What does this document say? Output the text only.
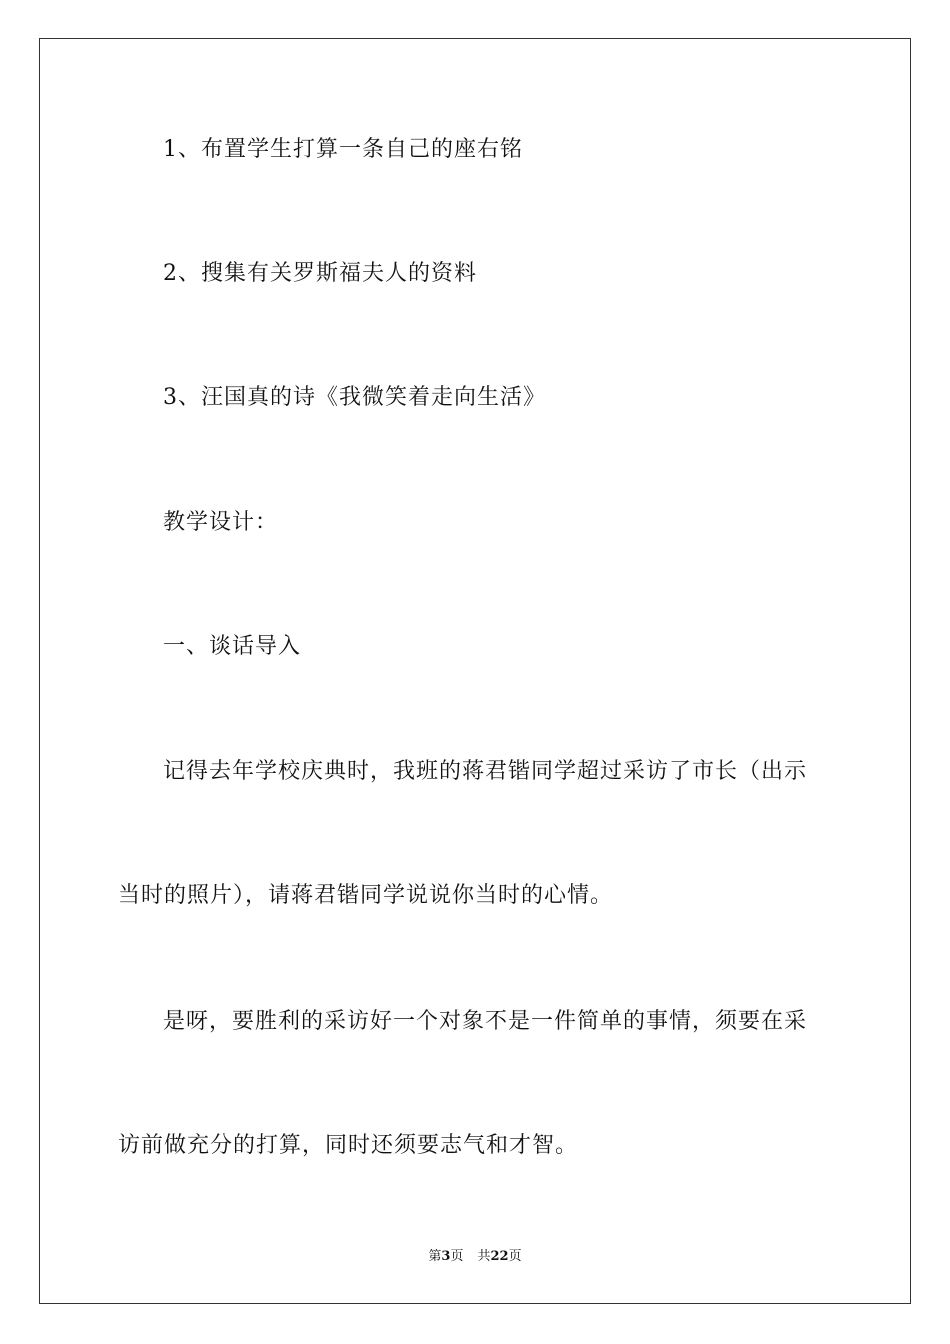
1、布置学生打算一条自己的座右铭
2、搜集有关罗斯福夫人的资料
3、汪国真的诗《我微笑着走向生活》
教学设计：
一、谈话导入
记得去年学校庆典时，我班的蒋君锴同学超过采访了市长（出示
当时的照片），请蒋君锴同学说说你当时的心情。
是呀，要胜利的采访好一个对象不是一件简单的事情，须要在采
访前做充分的打算，同时还须要志气和才智。
第3页 共22页
